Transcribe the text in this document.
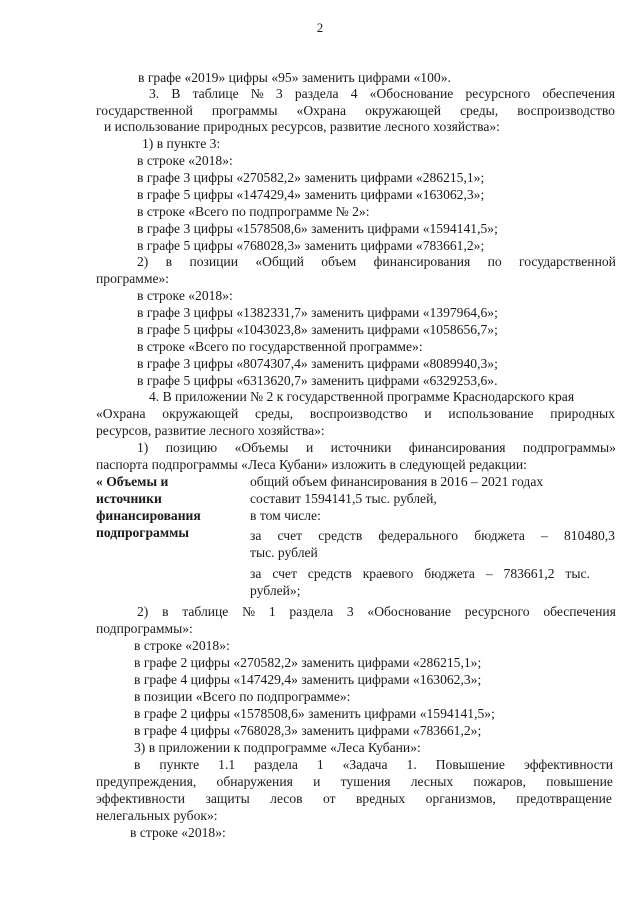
2
в графе «2019» цифры «95» заменить цифрами «100».
3. В таблице № 3 раздела 4 «Обоснование ресурсного обеспечения
государственной программы «Охрана окружающей среды, воспроизводство
и использование природных ресурсов, развитие лесного хозяйства»:
1) в пункте 3:
в строке «2018»:
в графе 3 цифры «270582,2» заменить цифрами «286215,1»;
в графе 5 цифры «147429,4» заменить цифрами «163062,3»;
в строке «Всего по подпрограмме № 2»:
в графе 3 цифры «1578508,6» заменить цифрами «1594141,5»;
в графе 5 цифры «768028,3» заменить цифрами «783661,2»;
2) в позиции «Общий объем финансирования по государственной
программе»:
в строке «2018»:
в графе 3 цифры «1382331,7» заменить цифрами «1397964,6»;
в графе 5 цифры «1043023,8» заменить цифрами «1058656,7»;
в строке «Всего по государственной программе»:
в графе 3 цифры «8074307,4» заменить цифрами «8089940,3»;
в графе 5 цифры «6313620,7» заменить цифрами «6329253,6».
4. В приложении № 2 к государственной программе Краснодарского края
«Охрана окружающей среды, воспроизводство и использование природных
ресурсов, развитие лесного хозяйства»:
1) позицию «Объемы и источники финансирования подпрограммы»
паспорта подпрограммы «Леса Кубани» изложить в следующей редакции:
« Объемы и
источники
финансирования
подпрограммы
общий объем финансирования в 2016 – 2021 годах
составит 1594141,5 тыс. рублей,
в том числе:
за счет средств федерального бюджета – 810480,3
тыс. рублей
за счет средств краевого бюджета – 783661,2 тыс.
рублей»;
2) в таблице № 1 раздела 3 «Обоснование ресурсного обеспечения
подпрограммы»:
в строке «2018»:
в графе 2 цифры «270582,2» заменить цифрами «286215,1»;
в графе 4 цифры «147429,4» заменить цифрами «163062,3»;
в позиции «Всего по подпрограмме»:
в графе 2 цифры «1578508,6» заменить цифрами «1594141,5»;
в графе 4 цифры «768028,3» заменить цифрами «783661,2»;
3) в приложении к подпрограмме «Леса Кубани»:
в пункте 1.1 раздела 1 «Задача 1. Повышение эффективности
предупреждения, обнаружения и тушения лесных пожаров, повышение
эффективности защиты лесов от вредных организмов, предотвращение
нелегальных рубок»:
в строке «2018»:
